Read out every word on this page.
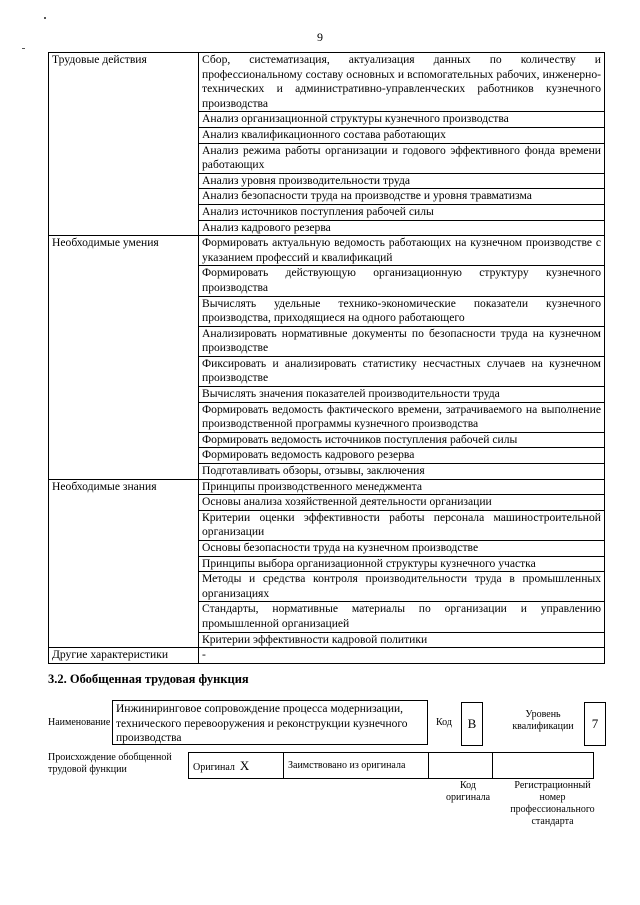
9
Трудовые действия	Сбор, систематизация, актуализация данных по количеству и профессиональному составу основных и вспомогательных рабочих, инженерно-технических и административно-управленческих работников кузнечного производства
	Анализ организационной структуры кузнечного производства
	Анализ квалификационного состава работающих
	Анализ режима работы организации и годового эффективного фонда времени работающих
	Анализ уровня производительности труда
	Анализ безопасности труда на производстве и уровня травматизма
	Анализ источников поступления рабочей силы
	Анализ кадрового резерва
Необходимые умения	Формировать актуальную ведомость работающих на кузнечном производстве с указанием профессий и квалификаций
	Формировать действующую организационную структуру кузнечного производства
	Вычислять удельные технико-экономические показатели кузнечного производства, приходящиеся на одного работающего
	Анализировать нормативные документы по безопасности труда на кузнечном производстве
	Фиксировать и анализировать статистику несчастных случаев на кузнечном производстве
	Вычислять значения показателей производительности труда
	Формировать ведомость фактического времени, затрачиваемого на выполнение производственной программы кузнечного производства
	Формировать ведомость источников поступления рабочей силы
	Формировать ведомость кадрового резерва
	Подготавливать обзоры, отзывы, заключения
Необходимые знания	Принципы производственного менеджмента
	Основы анализа хозяйственной деятельности организации
	Критерии оценки эффективности работы персонала машиностроительной организации
	Основы безопасности труда на кузнечном производстве
	Принципы выбора организационной структуры кузнечного участка
	Методы и средства контроля производительности труда в промышленных организациях
	Стандарты, нормативные материалы по организации и управлению промышленной организацией
	Критерии эффективности кадровой политики
Другие характеристики	-
3.2. Обобщенная трудовая функция
Наименование
Инжиниринговое сопровождение процесса модернизации, технического перевооружения и реконструкции кузнечного производства
Код	B
Уровень квалификации	7
Происхождение обобщенной трудовой функции	Оригинал X	Заимствовано из оригинала		
Код оригинала
Регистрационный номер профессионального стандарта
